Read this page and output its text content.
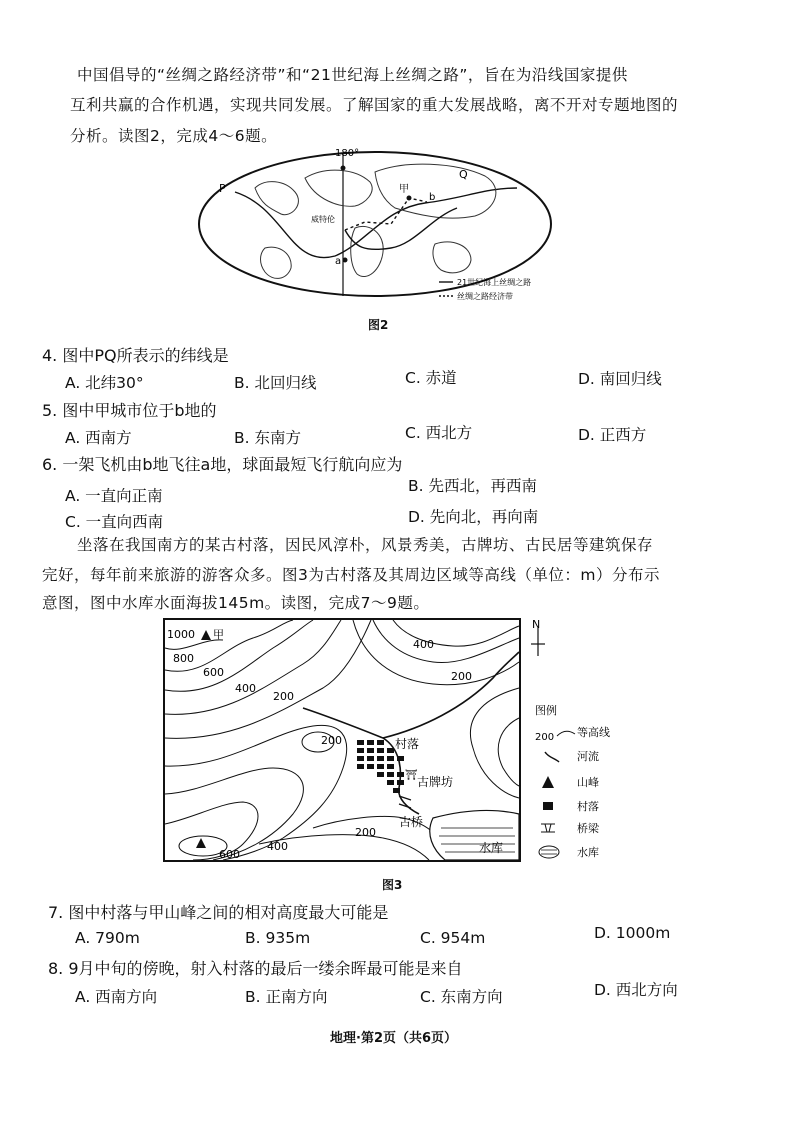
中国倡导的“丝绸之路经济带”和“21世纪海上丝绸之路”，旨在为沿线国家提供
互利共赢的合作机遇，实现共同发展。了解国家的重大发展战略，离不开对专题地图的
分析。读图2，完成4～6题。
180°
P
Q
甲
a
b
威特伦
21世纪海上丝绸之路
丝绸之路经济带
图2
4. 图中PQ所表示的纬线是
A. 北纬30°	B. 北回归线	C. 赤道	D. 南回归线
5. 图中甲城市位于b地的
A. 西南方	B. 东南方	C. 西北方	D. 正西方
6. 一架飞机由b地飞往a地，球面最短飞行航向应为
A. 一直向正南
B. 先西北，再西南
C. 一直向西南	D. 先向北，再向南
坐落在我国南方的某古村落，因民风淳朴，风景秀美，古牌坊、古民居等建筑保存
完好，每年前来旅游的游客众多。图3为古村落及其周边区域等高线（单位：m）分布示
意图，图中水库水面海拔145m。读图，完成7～9题。
⛩
1000 甲
800
600
400
200
400
200
200
200
400
600
村落
古牌坊
古桥
水库
N
图例
200 等高线
河流
山峰
村落
桥梁
水库
图3
7. 图中村落与甲山峰之间的相对高度最大可能是
A. 790m	B. 935m	C. 954m	D. 1000m
8. 9月中旬的傍晚，射入村落的最后一缕余晖最可能是来自
A. 西南方向	B. 正南方向	C. 东南方向	D. 西北方向
地理·第2页（共6页）
